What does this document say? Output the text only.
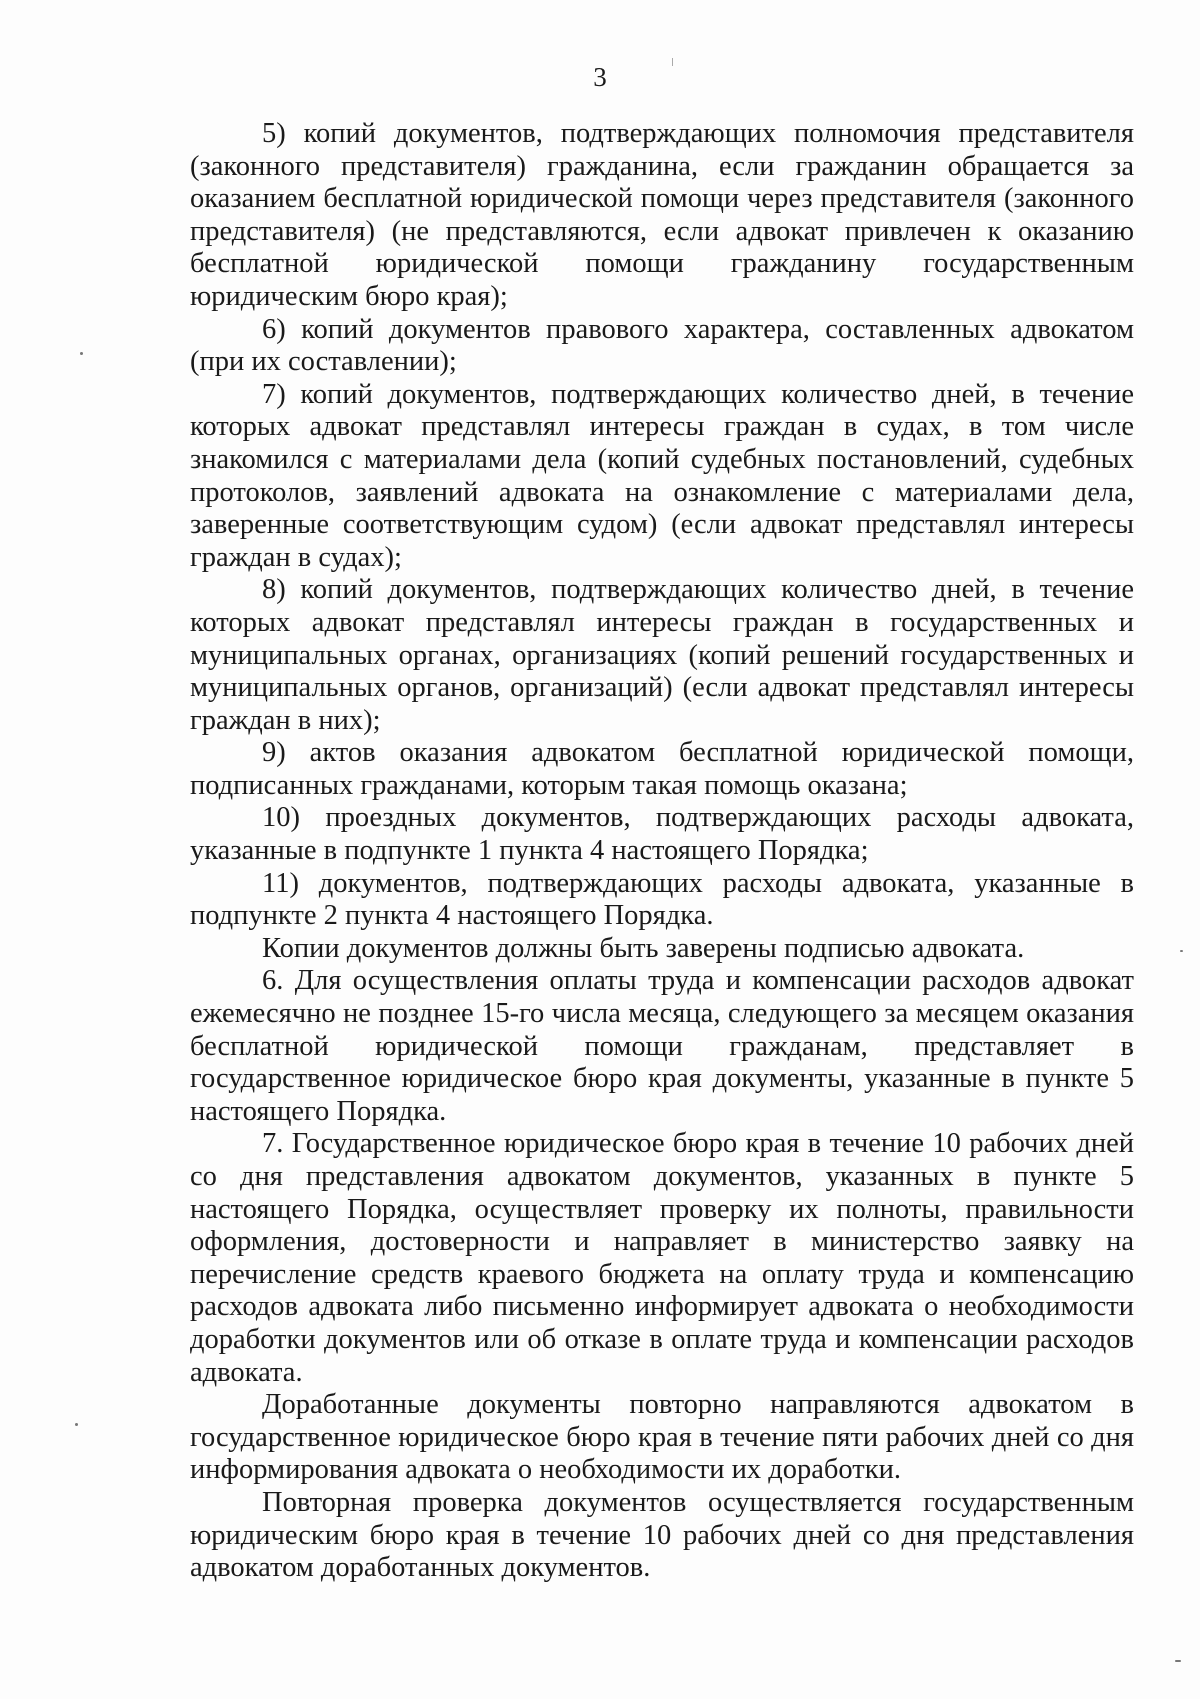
3

5) копий документов, подтверждающих полномочия представителя (законного представителя) гражданина, если гражданин обращается за оказанием бесплатной юридической помощи через представителя (законного представителя) (не представляются, если адвокат привлечен к оказанию бесплатной юридической помощи гражданину государственным юридическим бюро края);

6) копий документов правового характера, составленных адвокатом (при их составлении);

7) копий документов, подтверждающих количество дней, в течение которых адвокат представлял интересы граждан в судах, в том числе знакомился с материалами дела (копий судебных постановлений, судебных протоколов, заявлений адвоката на ознакомление с материалами дела, заверенные соответствующим судом) (если адвокат представлял интересы граждан в судах);

8) копий документов, подтверждающих количество дней, в течение которых адвокат представлял интересы граждан в государственных и муниципальных органах, организациях (копий решений государственных и муниципальных органов, организаций) (если адвокат представлял интересы граждан в них);

9) актов оказания адвокатом бесплатной юридической помощи, подписанных гражданами, которым такая помощь оказана;

10) проездных документов, подтверждающих расходы адвоката, указанные в подпункте 1 пункта 4 настоящего Порядка;

11) документов, подтверждающих расходы адвоката, указанные в подпункте 2 пункта 4 настоящего Порядка.

Копии документов должны быть заверены подписью адвоката.

6. Для осуществления оплаты труда и компенсации расходов адвокат ежемесячно не позднее 15-го числа месяца, следующего за месяцем оказания бесплатной юридической помощи гражданам, представляет в государственное юридическое бюро края документы, указанные в пункте 5 настоящего Порядка.

7. Государственное юридическое бюро края в течение 10 рабочих дней со дня представления адвокатом документов, указанных в пункте 5 настоящего Порядка, осуществляет проверку их полноты, правильности оформления, достоверности и направляет в министерство заявку на перечисление средств краевого бюджета на оплату труда и компенсацию расходов адвоката либо письменно информирует адвоката о необходимости доработки документов или об отказе в оплате труда и компенсации расходов адвоката.

Доработанные документы повторно направляются адвокатом в государственное юридическое бюро края в течение пяти рабочих дней со дня информирования адвоката о необходимости их доработки.

Повторная проверка документов осуществляется государственным юридическим бюро края в течение 10 рабочих дней со дня представления адвокатом доработанных документов.
